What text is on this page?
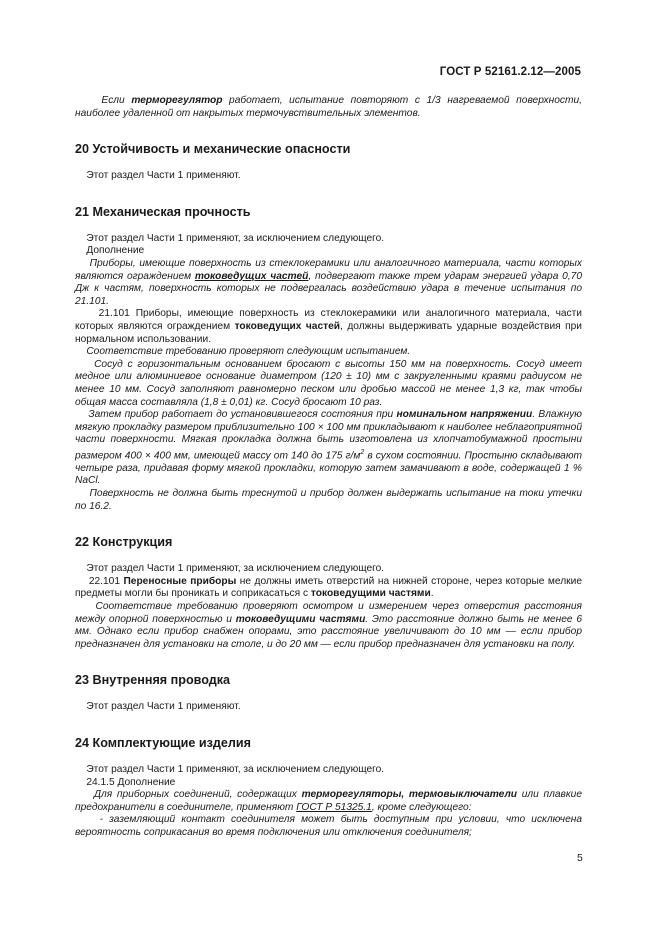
ГОСТ Р 52161.2.12—2005

Если терморегулятор работает, испытание повторяют с 1/3 нагреваемой поверхности, наиболее удаленной от накрытых термочувствительных элементов.

20 Устойчивость и механические опасности

Этот раздел Части 1 применяют.

21 Механическая прочность

Этот раздел Части 1 применяют, за исключением следующего.

Дополнение

Приборы, имеющие поверхность из стеклокерамики или аналогичного материала, части которых являются ограждением токоведущих частей, подвергают также трем ударам энергией удара 0,70 Дж к частям, поверхность которых не подвергалась воздействию удара в течение испытания по 21.101.

21.101 Приборы, имеющие поверхность из стеклокерамики или аналогичного материала, части которых являются ограждением токоведущих частей, должны выдерживать ударные воздействия при нормальном использовании.

Соответствие требованию проверяют следующим испытанием.

Сосуд с горизонтальным основанием бросают с высоты 150 мм на поверхность. Сосуд имеет медное или алюминиевое основание диаметром (120 ± 10) мм с закругленными краями радиусом не менее 10 мм. Сосуд заполняют равномерно песком или дробью массой не менее 1,3 кг, так чтобы общая масса составляла (1,8 ± 0,01) кг. Сосуд бросают 10 раз.

Затем прибор работает до установившегося состояния при номинальном напряжении. Влажную мягкую прокладку размером приблизительно 100 × 100 мм прикладывают к наиболее неблагоприятной части поверхности. Мягкая прокладка должна быть изготовлена из хлопчатобумажной простыни размером 400 × 400 мм, имеющей массу от 140 до 175 $г/м^2$ в сухом состоянии. Простыню складывают четыре раза, придавая форму мягкой прокладки, которую затем замачивают в воде, содержащей 1 % NaCl.

Поверхность не должна быть треснутой и прибор должен выдержать испытание на токи утечки по 16.2.

22 Конструкция

Этот раздел Части 1 применяют, за исключением следующего.

22.101 Переносные приборы не должны иметь отверстий на нижней стороне, через которые мелкие предметы могли бы проникать и соприкасаться с токоведущими частями.

Соответствие требованию проверяют осмотром и измерением через отверстия расстояния между опорной поверхностью и токоведущими частями. Это расстояние должно быть не менее 6 мм. Однако если прибор снабжен опорами, это расстояние увеличивают до 10 мм — если прибор предназначен для установки на столе, и до 20 мм — если прибор предназначен для установки на полу.

23 Внутренняя проводка

Этот раздел Части 1 применяют.

24 Комплектующие изделия

Этот раздел Части 1 применяют, за исключением следующего.

24.1.5 Дополнение

Для приборных соединений, содержащих терморегуляторы, термовыключатели или плавкие предохранители в соединителе, применяют ГОСТ Р 51325.1, кроме следующего:

- заземляющий контакт соединителя может быть доступным при условии, что исключена вероятность соприкасания во время подключения или отключения соединителя;

5
